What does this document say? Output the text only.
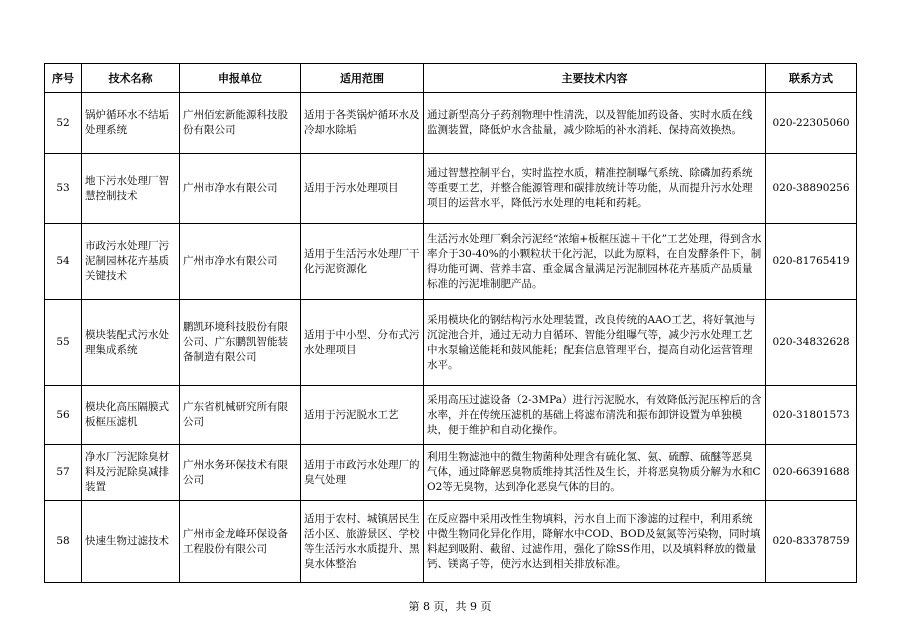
序号	技术名称	申报单位	适用范围	主要技术内容	联系方式
52	锅炉循环水不结垢处理系统	广州佰宏新能源科技股份有限公司	适用于各类锅炉循环水及冷却水除垢	通过新型高分子药剂物理中性清洗，以及智能加药设备、实时水质在线监测装置，降低炉水含盐量，减少除垢的补水消耗、保持高效换热。	020-22305060
53	地下污水处理厂智慧控制技术	广州市净水有限公司	适用于污水处理项目	通过智慧控制平台，实时监控水质，精准控制曝气系统、除磷加药系统等重要工艺，并整合能源管理和碳排放统计等功能，从而提升污水处理项目的运营水平，降低污水处理的电耗和药耗。	020-38890256
54	市政污水处理厂污泥制园林花卉基质关键技术	广州市净水有限公司	适用于生活污水处理厂干化污泥资源化	生活污水处理厂剩余污泥经“浓缩+板框压滤＋干化”工艺处理，得到含水率介于30-40%的小颗粒状干化污泥，以此为原料，在自发酵条件下，制得功能可调、营养丰富、重金属含量满足污泥制园林花卉基质产品质量标准的污泥堆制肥产品。	020-81765419
55	模块装配式污水处理集成系统	鹏凯环境科技股份有限公司、广东鹏凯智能装备制造有限公司	适用于中小型、分布式污水处理项目	采用模块化的钢结构污水处理装置，改良传统的AAO工艺，将好氧池与沉淀池合并，通过无动力自循环、智能分组曝气等，减少污水处理工艺中水泵输送能耗和鼓风能耗；配套信息管理平台，提高自动化运营管理水平。	020-34832628
56	模块化高压隔膜式板框压滤机	广东省机械研究所有限公司	适用于污泥脱水工艺	采用高压过滤设备（2-3MPa）进行污泥脱水，有效降低污泥压榨后的含水率，并在传统压滤机的基础上将滤布清洗和振布卸饼设置为单独模块，便于维护和自动化操作。	020-31801573
57	净水厂污泥除臭材料及污泥除臭减排装置	广州水务环保技术有限公司	适用于市政污水处理厂的臭气处理	利用生物滤池中的微生物菌种处理含有硫化氢、氨、硫醇、硫醚等恶臭气体，通过降解恶臭物质维持其活性及生长，并将恶臭物质分解为水和CO2等无臭物，达到净化恶臭气体的目的。	020-66391688
58	快速生物过滤技术	广州市金龙峰环保设备工程股份有限公司	适用于农村、城镇居民生活小区、旅游景区、学校等生活污水水质提升、黑臭水体整治	在反应器中采用改性生物填料，污水自上而下渗滤的过程中，利用系统中微生物同化异化作用，降解水中COD、BOD及氨氮等污染物，同时填料起到吸附、截留、过滤作用，强化了除SS作用，以及填料释放的微量钙、镁离子等，使污水达到相关排放标准。	020-83378759
第 8 页，共 9 页
